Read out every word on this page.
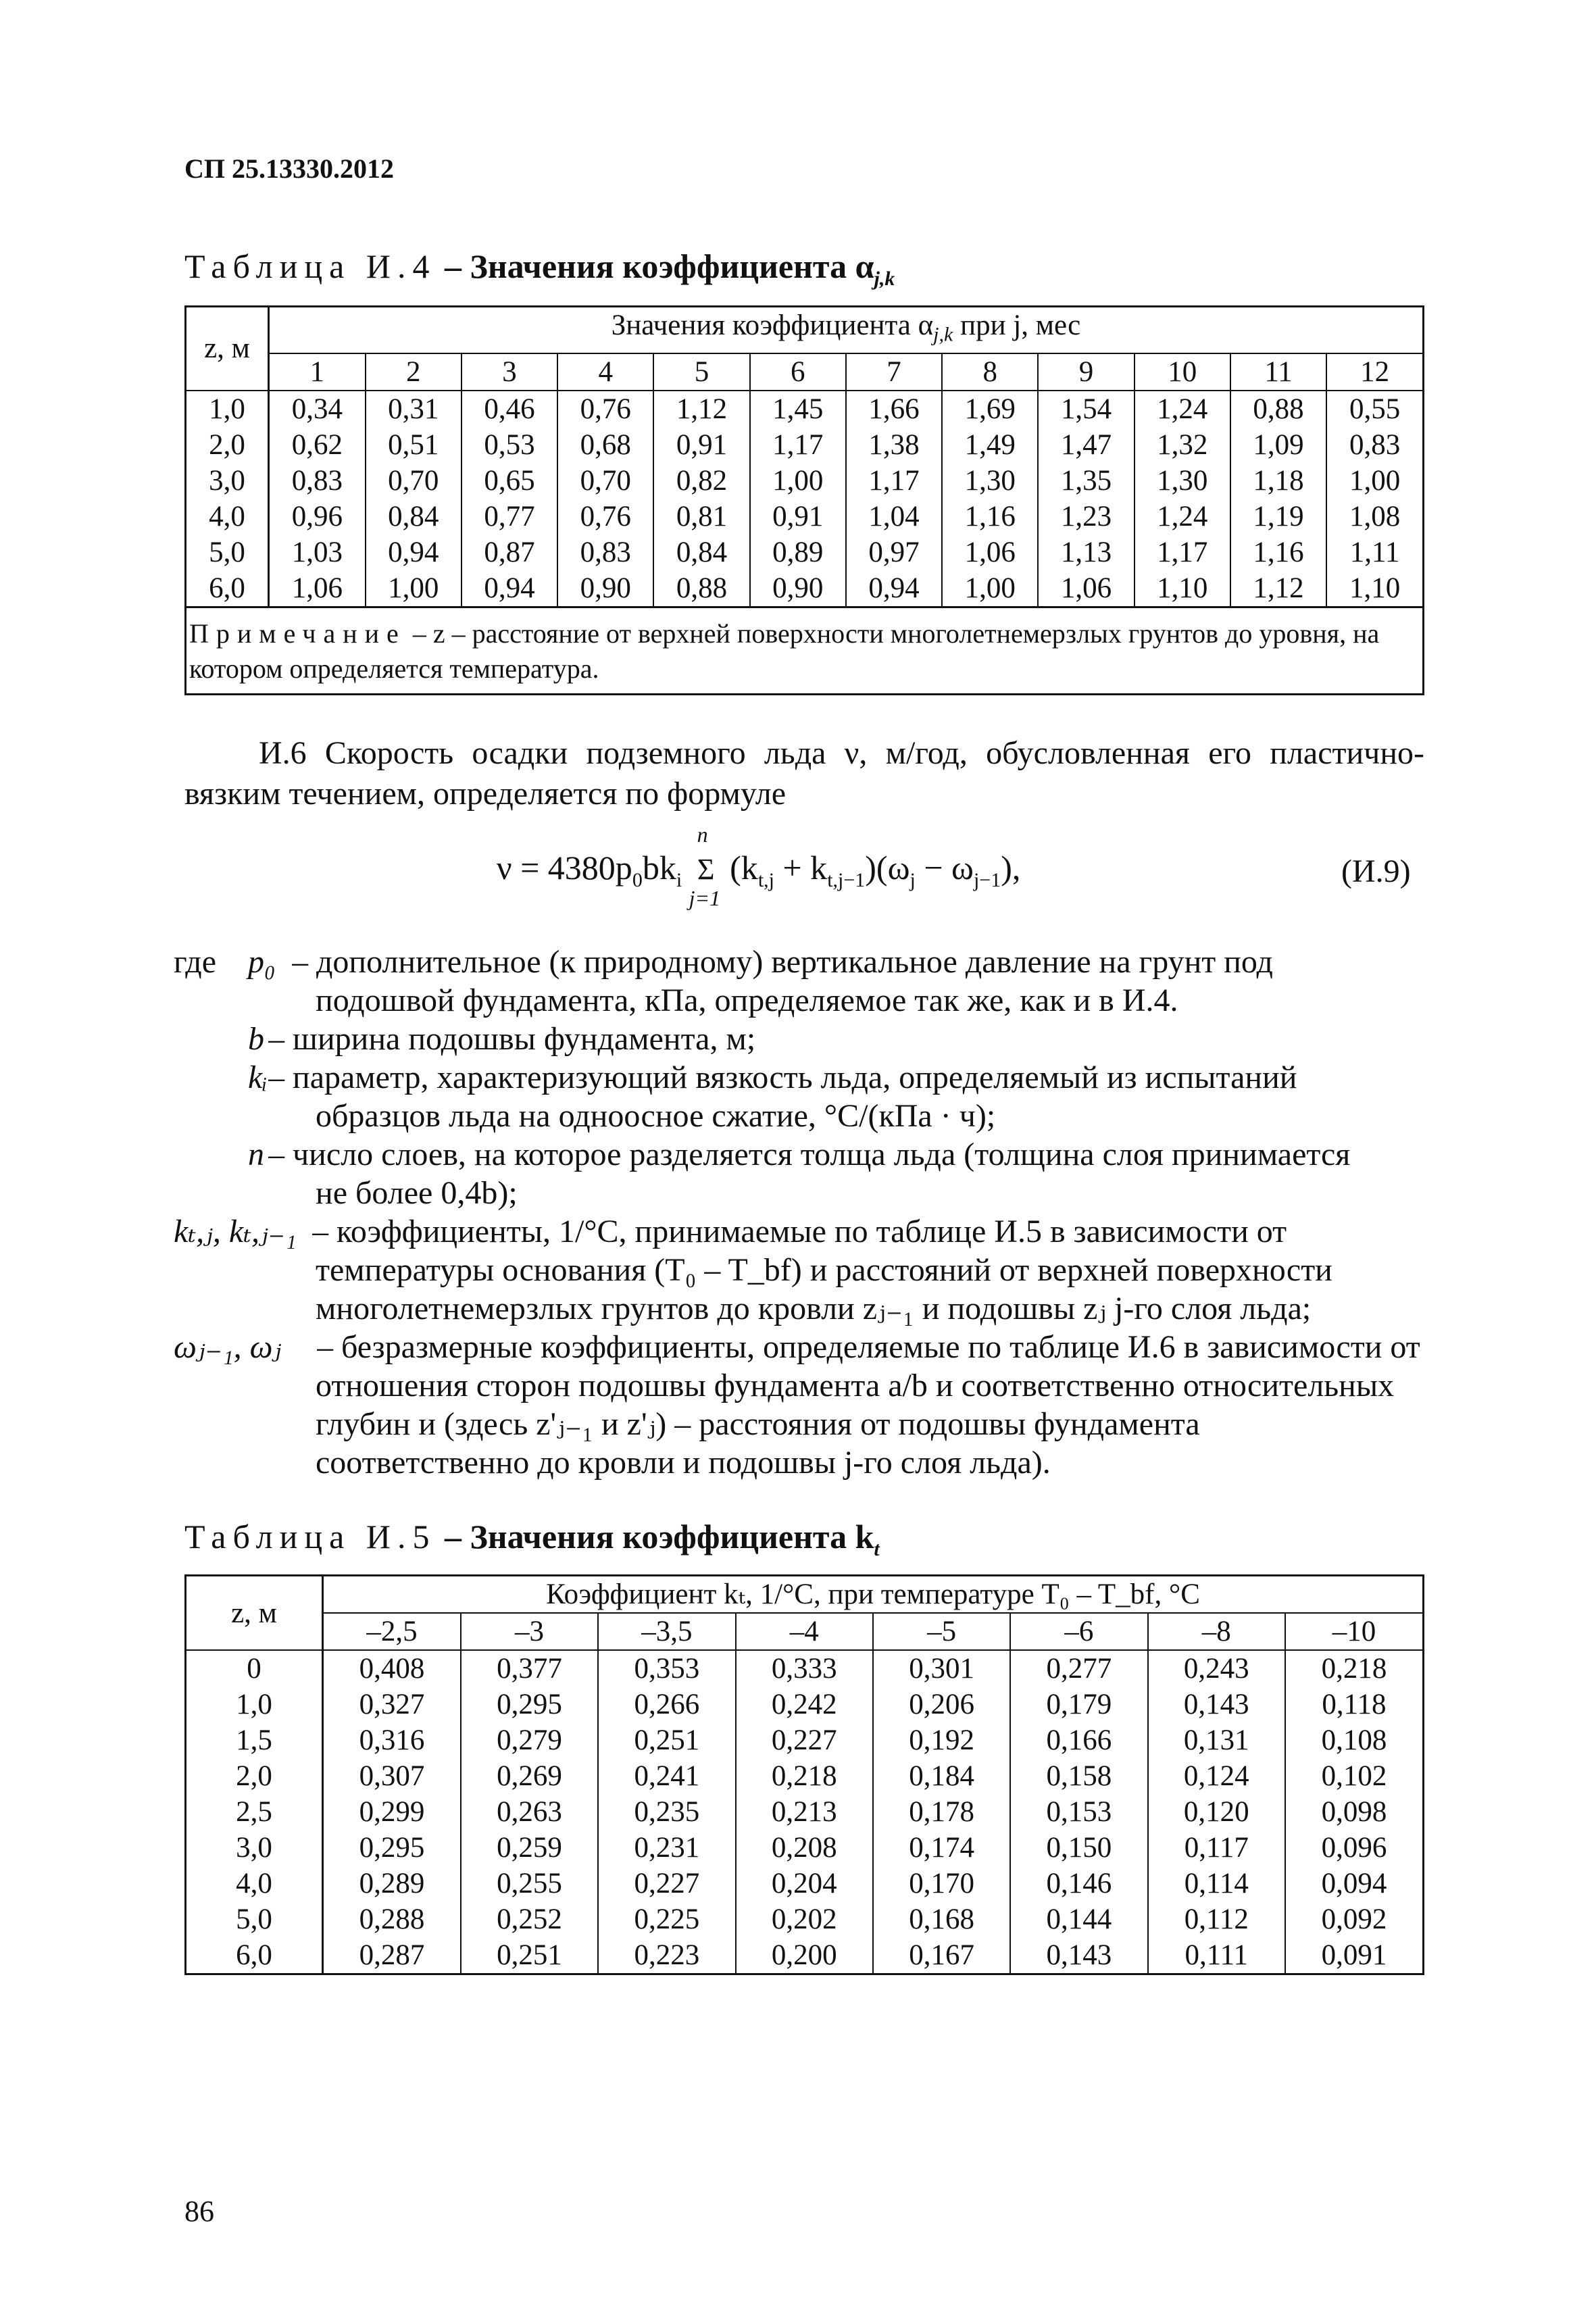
СП 25.13330.2012
Таблица И.4 – Значения коэффициента $\alpha_{j,k}$
z, м	Значения коэффициента $\alpha_{j,k}$ при j, мес											
	1	2	3	4	5	6	7	8	9	10	11	12
1,0	0,34	0,31	0,46	0,76	1,12	1,45	1,66	1,69	1,54	1,24	0,88	0,55
2,0	0,62	0,51	0,53	0,68	0,91	1,17	1,38	1,49	1,47	1,32	1,09	0,83
3,0	0,83	0,70	0,65	0,70	0,82	1,00	1,17	1,30	1,35	1,30	1,18	1,00
4,0	0,96	0,84	0,77	0,76	0,81	0,91	1,04	1,16	1,23	1,24	1,19	1,08
5,0	1,03	0,94	0,87	0,83	0,84	0,89	0,97	1,06	1,13	1,17	1,16	1,11
6,0	1,06	1,00	0,94	0,90	0,88	0,90	0,94	1,00	1,06	1,10	1,12	1,10
Примечание – z – расстояние от верхней поверхности многолетнемерзлых грунтов до уровня, на котором определяется температура.												
И.6 Скорость осадки подземного льда ν, м/год, обусловленная его пластично-вязким течением, определяется по формуле
$\nu = 4380p_0bk_i$
n
Σ
j=1
$(k_{t,j} + k_{t,j-1})(\omega_j - \omega_{j-1})$,	(И.9)
где p₀ – дополнительное (к природному) вертикальное давление на грунт под
подошвой фундамента, кПа, определяемое так же, как и в И.4.
b – ширина подошвы фундамента, м;
kᵢ – параметр, характеризующий вязкость льда, определяемый из испытаний
образцов льда на одноосное сжатие, °С/(кПа · ч);
n – число слоев, на которое разделяется толща льда (толщина слоя принимается
не более 0,4b);
kₜ,ⱼ, kₜ,ⱼ₋₁ – коэффициенты, 1/°С, принимаемые по таблице И.5 в зависимости от
температуры основания (T₀ – T_bf) и расстояний от верхней поверхности
многолетнемерзлых грунтов до кровли zⱼ₋₁ и подошвы zⱼ j-го слоя льда;
ωⱼ₋₁, ωⱼ – безразмерные коэффициенты, определяемые по таблице И.6 в зависимости от
отношения сторон подошвы фундамента a/b и соответственно относительных
глубин и (здесь z'ⱼ₋₁ и z'ⱼ) – расстояния от подошвы фундамента
соответственно до кровли и подошвы j-го слоя льда).
Таблица И.5 – Значения коэффициента $k_t$
z, м	Коэффициент kₜ, 1/°С, при температуре T₀ – T_bf, °С							
	–2,5	–3	–3,5	–4	–5	–6	–8	–10
0	0,408	0,377	0,353	0,333	0,301	0,277	0,243	0,218
1,0	0,327	0,295	0,266	0,242	0,206	0,179	0,143	0,118
1,5	0,316	0,279	0,251	0,227	0,192	0,166	0,131	0,108
2,0	0,307	0,269	0,241	0,218	0,184	0,158	0,124	0,102
2,5	0,299	0,263	0,235	0,213	0,178	0,153	0,120	0,098
3,0	0,295	0,259	0,231	0,208	0,174	0,150	0,117	0,096
4,0	0,289	0,255	0,227	0,204	0,170	0,146	0,114	0,094
5,0	0,288	0,252	0,225	0,202	0,168	0,144	0,112	0,092
6,0	0,287	0,251	0,223	0,200	0,167	0,143	0,111	0,091
86
